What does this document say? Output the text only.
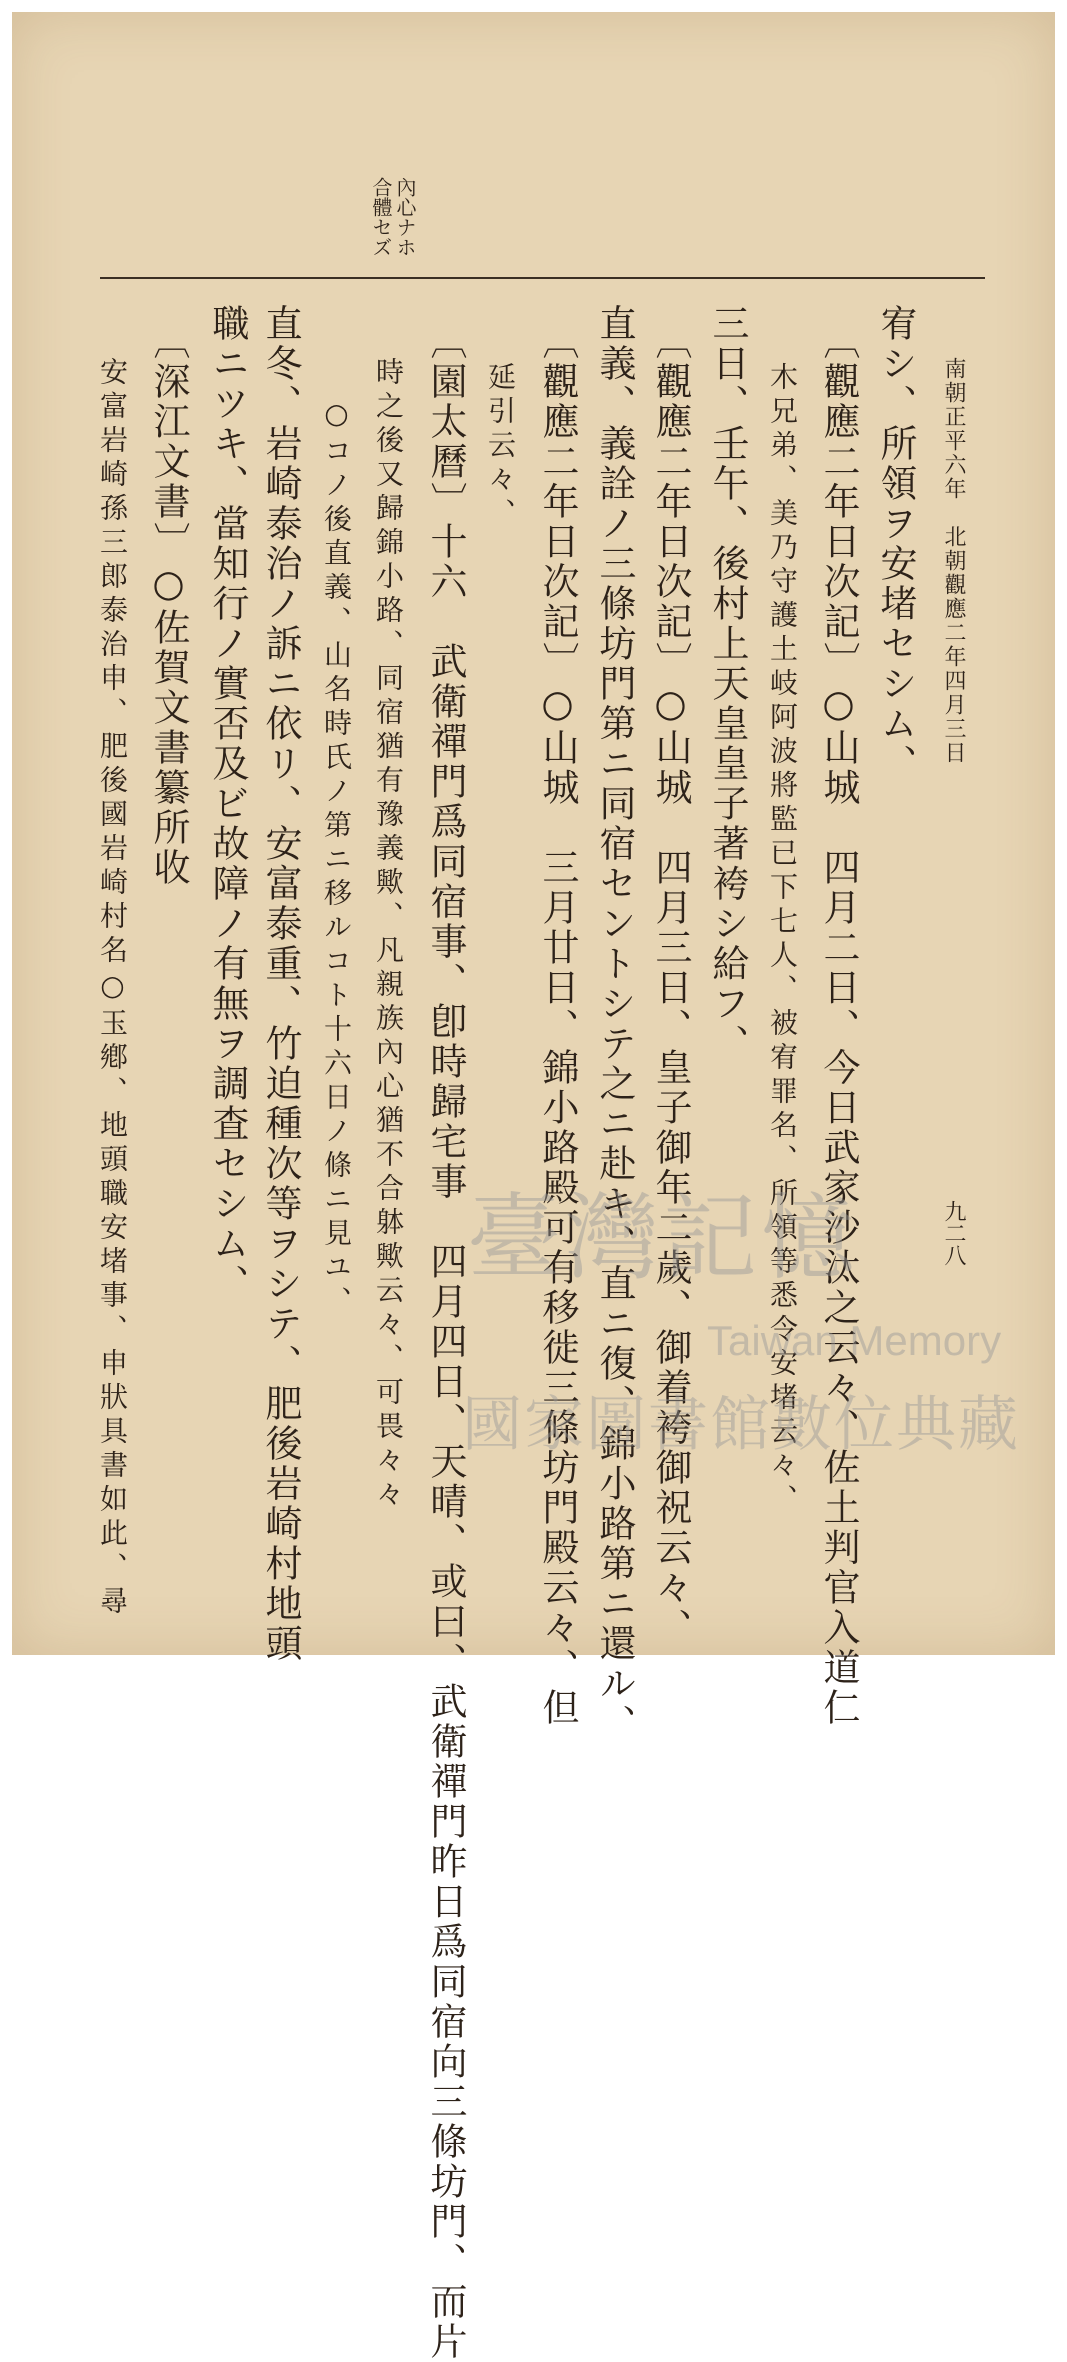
南朝正平六年　北朝觀應二年四月三日
九二八
內心ナホ
合體セズ
宥シ、所領ヲ安堵セシム、
〔觀應二年日次記〕○山城　四月二日、今日武家沙汰之云々、佐土判官入道仁
木兄弟、美乃守護土岐阿波將監已下七人、被宥罪名、所領等悉令安堵云々、
三日、壬午、後村上天皇皇子著袴シ給フ、
〔觀應二年日次記〕○山城　四月三日、皇子御年二歲、御着袴御祝云々、
直義、義詮ノ三條坊門第ニ同宿セントシテ之ニ赴キ、直ニ復、錦小路第ニ還ル、
〔觀應二年日次記〕○山城　三月廿日、錦小路殿可有移徙三條坊門殿云々、但
延引云々、
〔園太曆〕十六　武衛禪門爲同宿事、卽時歸宅事　四月四日、天晴、或曰、武衛禪門昨日爲同宿向三條坊門、而片
時之後又歸錦小路、同宿猶有豫義歟、凡親族內心猶不合躰歟云々、可畏々々
○コノ後直義、山名時氏ノ第ニ移ルコト十六日ノ條ニ見ユ、
直冬、岩崎泰治ノ訴ニ依リ、安富泰重、竹迫種次等ヲシテ、肥後岩崎村地頭
職ニツキ、當知行ノ實否及ビ故障ノ有無ヲ調査セシム、
〔深江文書〕○佐賀文書纂所收
安富岩崎孫三郎泰治申、肥後國岩崎村名○玉鄕、地頭職安堵事、申狀具書如此、尋	臺灣記憶
Taiwan Memory
國家圖書館數位典藏
